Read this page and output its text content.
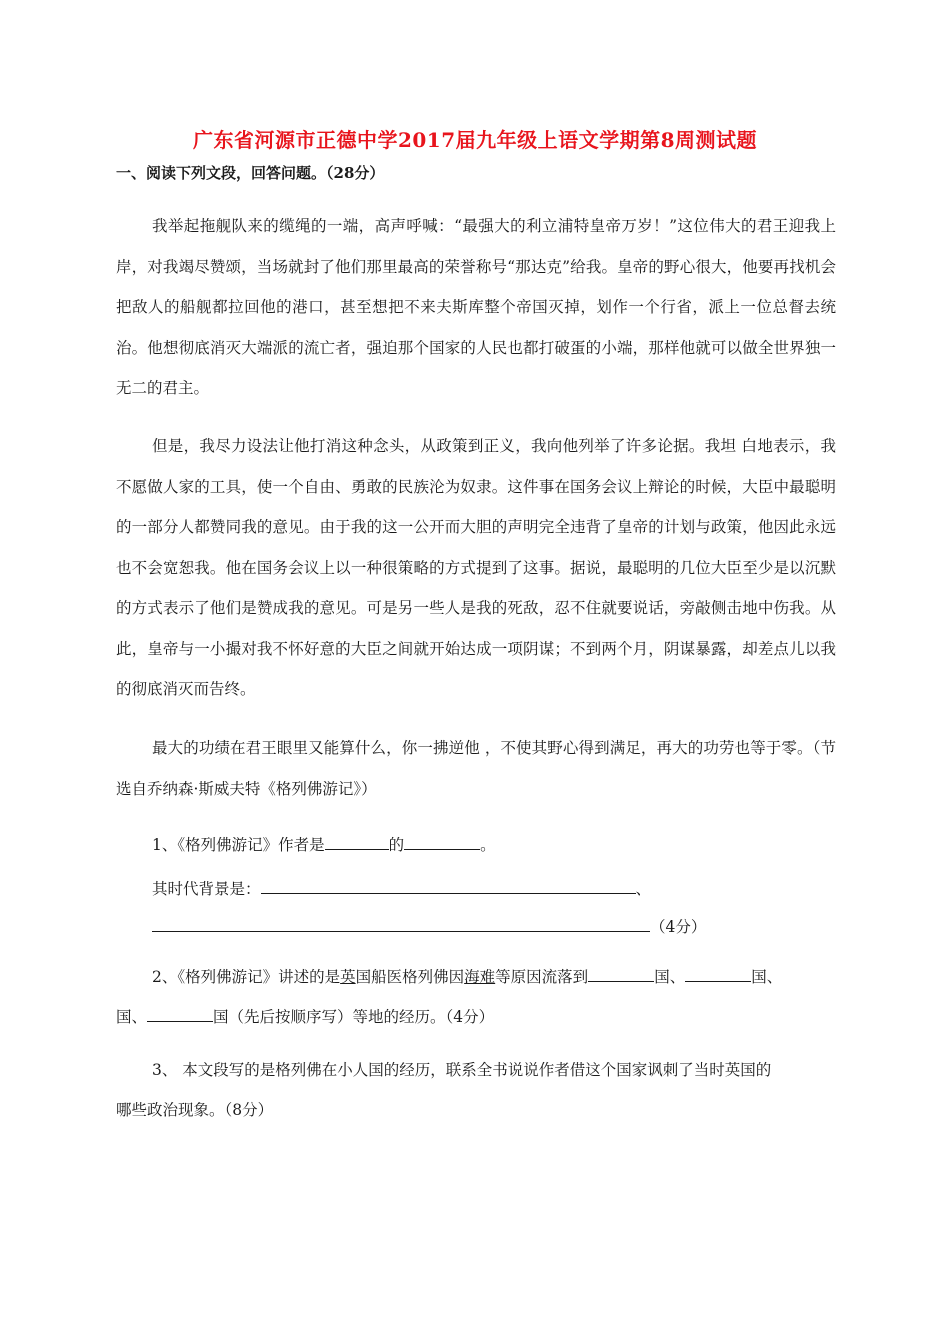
广东省河源市正德中学2017届九年级上语文学期第8周测试题
一、阅读下列文段，回答问题。（28分）

我举起拖舰队来的缆绳的一端，高声呼喊：“最强大的利立浦特皇帝万岁！”这位伟大的君王迎我上岸，对我竭尽赞颂，当场就封了他们那里最高的荣誉称号“那达克”给我。皇帝的野心很大，他要再找机会把敌人的船舰都拉回他的港口，甚至想把不来夫斯库整个帝国灭掉，划作一个行省，派上一位总督去统治。他想彻底消灭大端派的流亡者，强迫那个国家的人民也都打破蛋的小端，那样他就可以做全世界独一无二的君主。

但是，我尽力设法让他打消这种念头，从政策到正义，我向他列举了许多论据。我坦 白地表示，我不愿做人家的工具，使一个自由、勇敢的民族沦为奴隶。这件事在国务会议上辩论的时候，大臣中最聪明的一部分人都赞同我的意见。由于我的这一公开而大胆的声明完全违背了皇帝的计划与政策，他因此永远也不会宽恕我。他在国务会议上以一种很策略的方式提到了这事。据说，最聪明的几位大臣至少是以沉默的方式表示了他们是赞成我的意见。可是另一些人是我的死敌，忍不住就要说话，旁敲侧击地中伤我。从此，皇帝与一小撮对我不怀好意的大臣之间就开始达成一项阴谋；不到两个月，阴谋暴露，却差点儿以我的彻底消灭而告终。

最大的功绩在君王眼里又能算什么，你一拂逆他 ，不使其野心得到满足，再大的功劳也等于零。（节选自乔纳森·斯威夫特《格列佛游记》）

1、《格列佛游记》作者是	的	。
其时代背景是：	、
（4分）
2、《格列佛游记》讲述的是英国船医格列佛因海难等原因流落到	国、	国、
国、	国（先后按顺序写）等地的经历。（4分）
3、 本文段写的是格列佛在小人国的经历，联系全书说说作者借这个国家讽刺了当时英国的
哪些政治现象。（8分）
